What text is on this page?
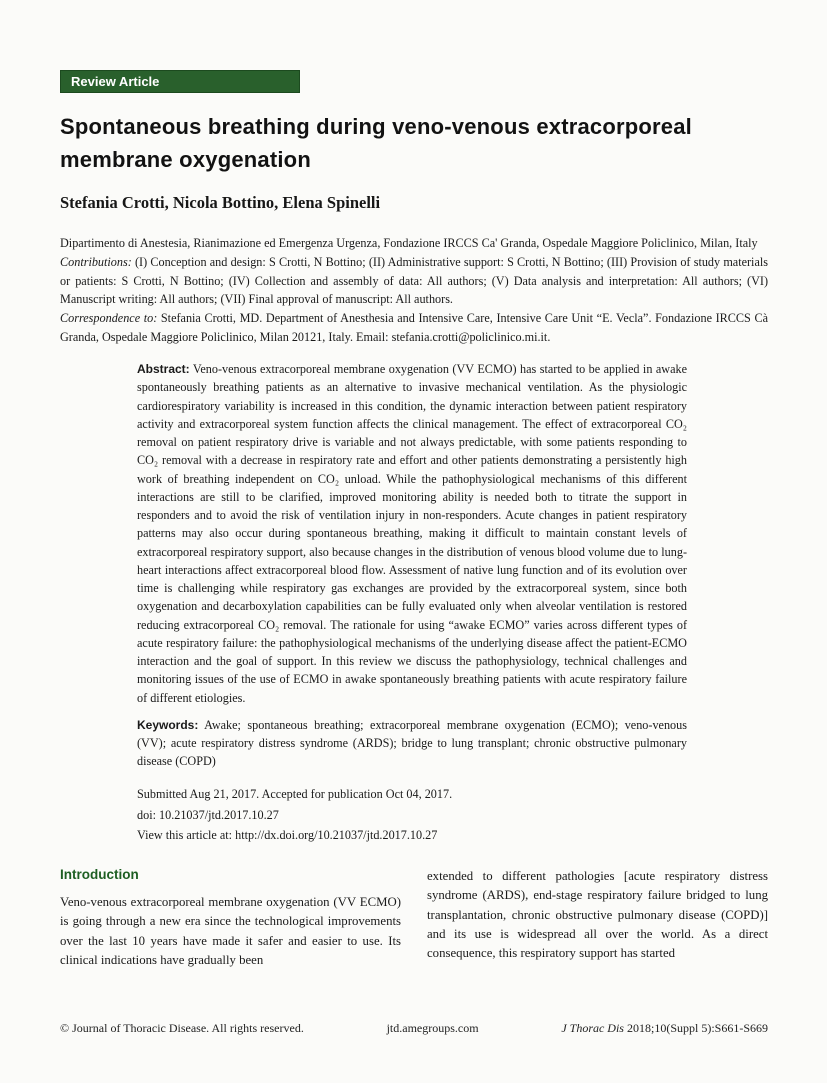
Review Article
Spontaneous breathing during veno-venous extracorporeal membrane oxygenation
Stefania Crotti, Nicola Bottino, Elena Spinelli
Dipartimento di Anestesia, Rianimazione ed Emergenza Urgenza, Fondazione IRCCS Ca' Granda, Ospedale Maggiore Policlinico, Milan, Italy
Contributions: (I) Conception and design: S Crotti, N Bottino; (II) Administrative support: S Crotti, N Bottino; (III) Provision of study materials or patients: S Crotti, N Bottino; (IV) Collection and assembly of data: All authors; (V) Data analysis and interpretation: All authors; (VI) Manuscript writing: All authors; (VII) Final approval of manuscript: All authors.
Correspondence to: Stefania Crotti, MD. Department of Anesthesia and Intensive Care, Intensive Care Unit “E. Vecla”. Fondazione IRCCS Cà Granda, Ospedale Maggiore Policlinico, Milan 20121, Italy. Email: stefania.crotti@policlinico.mi.it.
Abstract: Veno-venous extracorporeal membrane oxygenation (VV ECMO) has started to be applied in awake spontaneously breathing patients as an alternative to invasive mechanical ventilation. As the physiologic cardiorespiratory variability is increased in this condition, the dynamic interaction between patient respiratory activity and extracorporeal system function affects the clinical management. The effect of extracorporeal CO₂ removal on patient respiratory drive is variable and not always predictable, with some patients responding to CO₂ removal with a decrease in respiratory rate and effort and other patients demonstrating a persistently high work of breathing independent on CO₂ unload. While the pathophysiological mechanisms of this different interactions are still to be clarified, improved monitoring ability is needed both to titrate the support in responders and to avoid the risk of ventilation injury in non-responders. Acute changes in patient respiratory patterns may also occur during spontaneous breathing, making it difficult to maintain constant levels of extracorporeal respiratory support, also because changes in the distribution of venous blood volume due to lung-heart interactions affect extracorporeal blood flow. Assessment of native lung function and of its evolution over time is challenging while respiratory gas exchanges are provided by the extracorporeal system, since both oxygenation and decarboxylation capabilities can be fully evaluated only when alveolar ventilation is restored reducing extracorporeal CO₂ removal. The rationale for using “awake ECMO” varies across different types of acute respiratory failure: the pathophysiological mechanisms of the underlying disease affect the patient-ECMO interaction and the goal of support. In this review we discuss the pathophysiology, technical challenges and monitoring issues of the use of ECMO in awake spontaneously breathing patients with acute respiratory failure of different etiologies.
Keywords: Awake; spontaneous breathing; extracorporeal membrane oxygenation (ECMO); veno-venous (VV); acute respiratory distress syndrome (ARDS); bridge to lung transplant; chronic obstructive pulmonary disease (COPD)
Submitted Aug 21, 2017. Accepted for publication Oct 04, 2017.
doi: 10.21037/jtd.2017.10.27
View this article at: http://dx.doi.org/10.21037/jtd.2017.10.27
Introduction
Veno-venous extracorporeal membrane oxygenation (VV ECMO) is going through a new era since the technological improvements over the last 10 years have made it safer and easier to use. Its clinical indications have gradually been
extended to different pathologies [acute respiratory distress syndrome (ARDS), end-stage respiratory failure bridged to lung transplantation, chronic obstructive pulmonary disease (COPD)] and its use is widespread all over the world. As a direct consequence, this respiratory support has started
© Journal of Thoracic Disease. All rights reserved.	jtd.amegroups.com	J Thorac Dis 2018;10(Suppl 5):S661-S669
